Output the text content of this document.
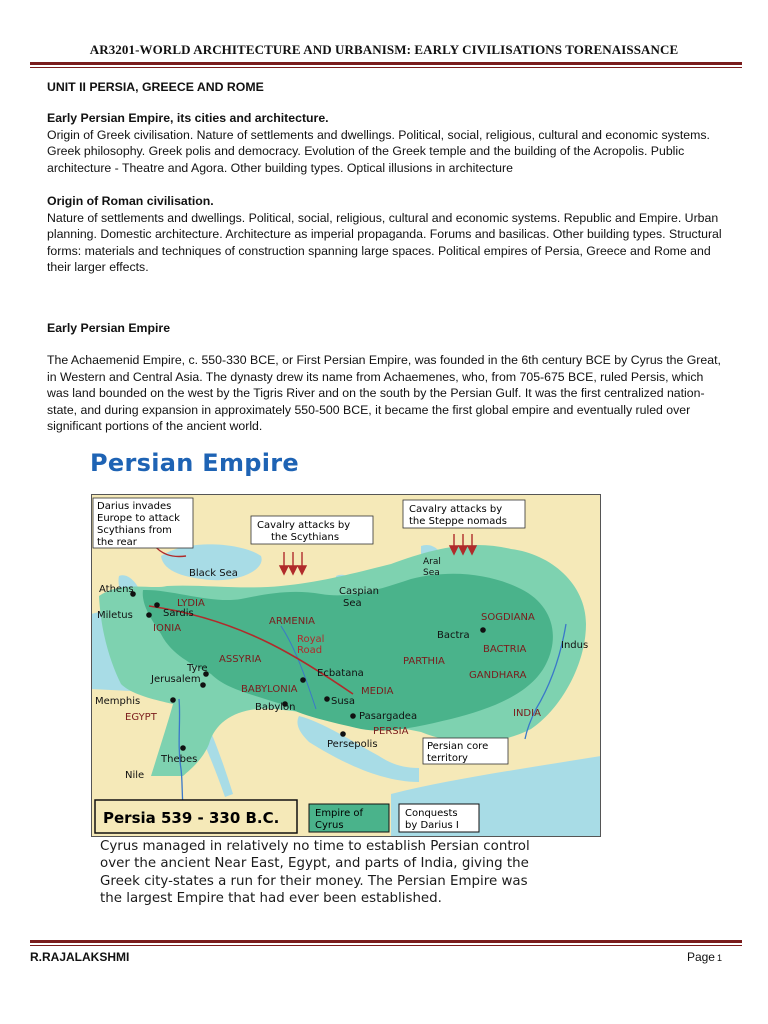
AR3201-WORLD ARCHITECTURE AND URBANISM: EARLY CIVILISATIONS TORENAISSANCE
UNIT II PERSIA, GREECE AND ROME

Early Persian Empire, its cities and architecture.

Origin of Greek civilisation. Nature of settlements and dwellings. Political, social, religious, cultural and economic systems. Greek philosophy. Greek polis and democracy. Evolution of the Greek temple and the building of the Acropolis. Public architecture - Theatre and Agora. Other building types. Optical illusions in architecture

Origin of Roman civilisation.

Nature of settlements and dwellings. Political, social, religious, cultural and economic systems. Republic and Empire. Urban planning. Domestic architecture. Architecture as imperial propaganda. Forums and basilicas. Other building types. Structural forms: materials and techniques of construction spanning large spaces. Political empires of Persia, Greece and Rome and their larger effects.

Early Persian Empire
The Achaemenid Empire, c. 550-330 BCE, or First Persian Empire, was founded in the 6th century BCE by Cyrus the Great, in Western and Central Asia. The dynasty drew its name from Achaemenes, who, from 705-675 BCE, ruled Persis, which was land bounded on the west by the Tigris River and on the south by the Persian Gulf. It was the first centralized nation-state, and during expansion in approximately 550-500 BCE, it became the first global empire and eventually ruled over significant portions of the ancient world.
Persian Empire
Darius invades
Europe to attack
Scythians from
the rear
Cavalry attacks by
the Scythians
Cavalry attacks by
the Steppe nomads
Persian core
territory
Black Sea
Caspian
Sea
Aral
Sea
Athens
LYDIA
Sardis
Miletus
IONIA
ARMENIA
Royal
Road
ASSYRIA
Tyre
Jerusalem
Memphis
EGYPT
Thebes
Nile
BABYLONIA
Babylon
Susa
Ecbatana
MEDIA
Pasargadea
PERSIA
Persepolis
PARTHIA
Bactra
BACTRIA
SOGDIANA
GANDHARA
INDIA
Indus
Persia 539 - 330 B.C.	Empire of
Cyrus
Conquests
by Darius I
Cyrus managed in relatively no time to establish Persian control
over the ancient Near East, Egypt, and parts of India, giving the
Greek city-states a run for their money. The Persian Empire was
the largest Empire that had ever been established.
R.RAJALAKSHMI	Page 1
